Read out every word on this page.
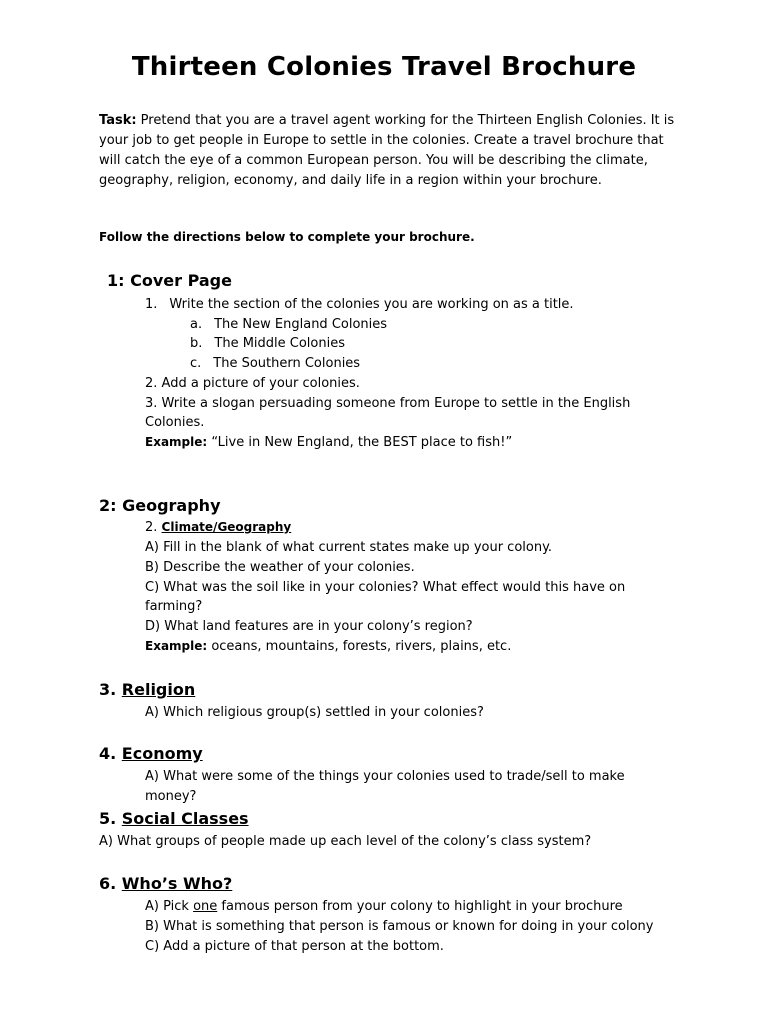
Thirteen Colonies Travel Brochure

Task: Pretend that you are a travel agent working for the Thirteen English Colonies. It is your job to get people in Europe to settle in the colonies. Create a travel brochure that will catch the eye of a common European person. You will be describing the climate, geography, religion, economy, and daily life in a region within your brochure.

Follow the directions below to complete your brochure.

1: Cover Page

1. Write the section of the colonies you are working on as a title.

a. The New England Colonies

b. The Middle Colonies

c. The Southern Colonies

2. Add a picture of your colonies.

3. Write a slogan persuading someone from Europe to settle in the English

Colonies.

Example: “Live in New England, the BEST place to fish!”

2: Geography

2. Climate/Geography

A) Fill in the blank of what current states make up your colony.

B) Describe the weather of your colonies.

C) What was the soil like in your colonies? What effect would this have on

farming?

D) What land features are in your colony’s region?

Example: oceans, mountains, forests, rivers, plains, etc.

3. Religion

A) Which religious group(s) settled in your colonies?

4. Economy

A) What were some of the things your colonies used to trade/sell to make

money?

5. Social Classes

A) What groups of people made up each level of the colony’s class system?

6. Who’s Who?

A) Pick one famous person from your colony to highlight in your brochure

B) What is something that person is famous or known for doing in your colony

C) Add a picture of that person at the bottom.
